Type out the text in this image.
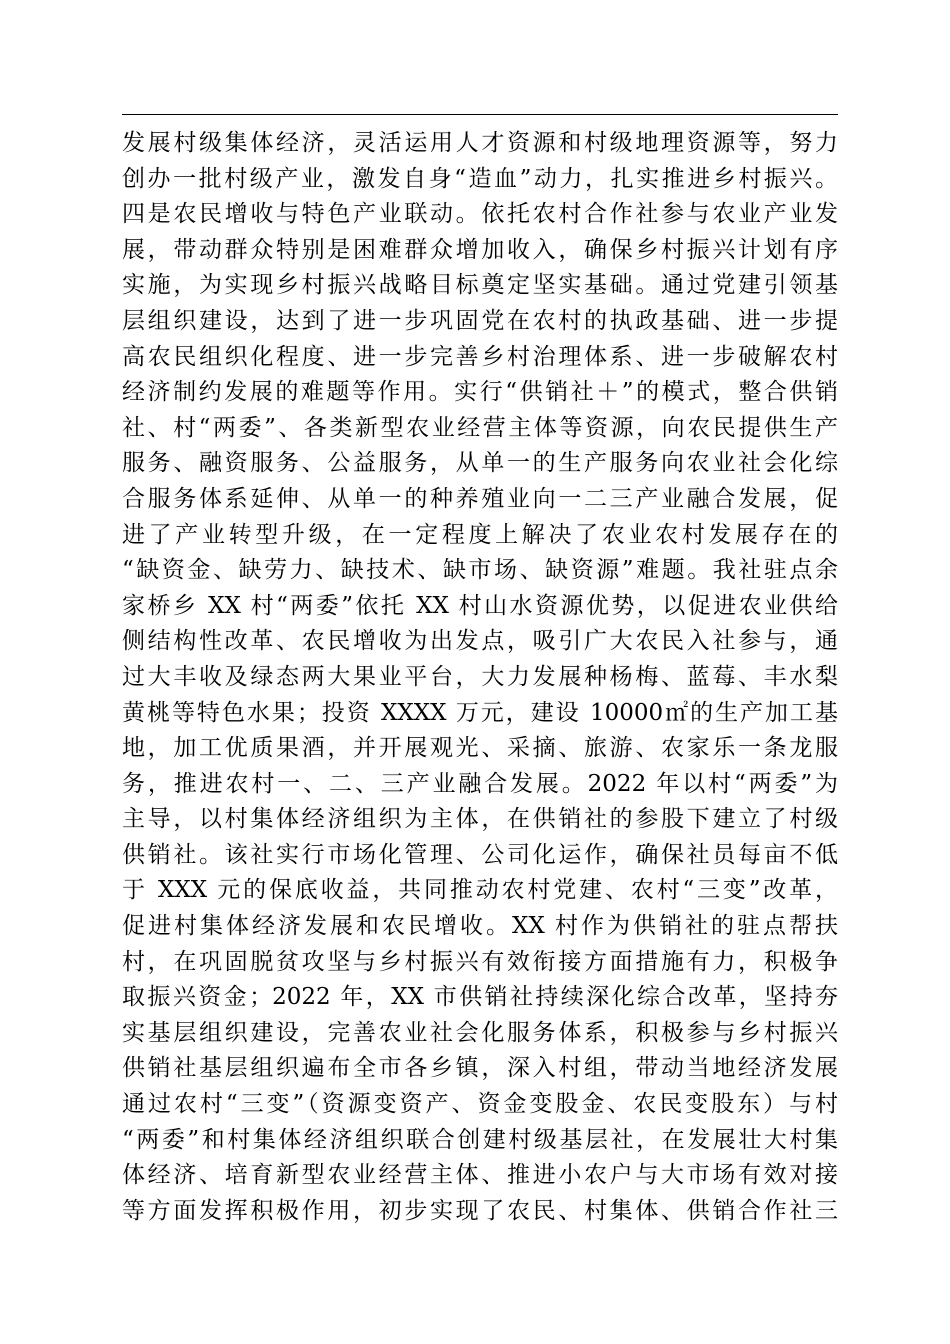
发展村级集体经济，灵活运用人才资源和村级地理资源等，努力
创办一批村级产业，激发自身“造血”动力，扎实推进乡村振兴。
四是农民增收与特色产业联动。依托农村合作社参与农业产业发
展，带动群众特别是困难群众增加收入，确保乡村振兴计划有序
实施，为实现乡村振兴战略目标奠定坚实基础。通过党建引领基
层组织建设，达到了进一步巩固党在农村的执政基础、进一步提
高农民组织化程度、进一步完善乡村治理体系、进一步破解农村
经济制约发展的难题等作用。实行“供销社＋”的模式，整合供销
社、村“两委”、各类新型农业经营主体等资源，向农民提供生产
服务、融资服务、公益服务，从单一的生产服务向农业社会化综
合服务体系延伸、从单一的种养殖业向一二三产业融合发展，促
进了产业转型升级，在一定程度上解决了农业农村发展存在的
“缺资金、缺劳力、缺技术、缺市场、缺资源”难题。我社驻点余
家桥乡 XX 村“两委”依托 XX 村山水资源优势，以促进农业供给
侧结构性改革、农民增收为出发点，吸引广大农民入社参与，通
过大丰收及绿态两大果业平台，大力发展种杨梅、蓝莓、丰水梨
黄桃等特色水果；投资 XXXX 万元，建设 10000㎡的生产加工基
地，加工优质果酒，并开展观光、采摘、旅游、农家乐一条龙服
务，推进农村一、二、三产业融合发展。2022 年以村“两委”为
主导，以村集体经济组织为主体，在供销社的参股下建立了村级
供销社。该社实行市场化管理、公司化运作，确保社员每亩不低
于 XXX 元的保底收益，共同推动农村党建、农村“三变”改革，
促进村集体经济发展和农民增收。XX 村作为供销社的驻点帮扶
村，在巩固脱贫攻坚与乡村振兴有效衔接方面措施有力，积极争
取振兴资金；2022 年，XX 市供销社持续深化综合改革，坚持夯
实基层组织建设，完善农业社会化服务体系，积极参与乡村振兴
供销社基层组织遍布全市各乡镇，深入村组，带动当地经济发展
通过农村“三变”（资源变资产、资金变股金、农民变股东）与村
“两委”和村集体经济组织联合创建村级基层社，在发展壮大村集
体经济、培育新型农业经营主体、推进小农户与大市场有效对接
等方面发挥积极作用，初步实现了农民、村集体、供销合作社三
